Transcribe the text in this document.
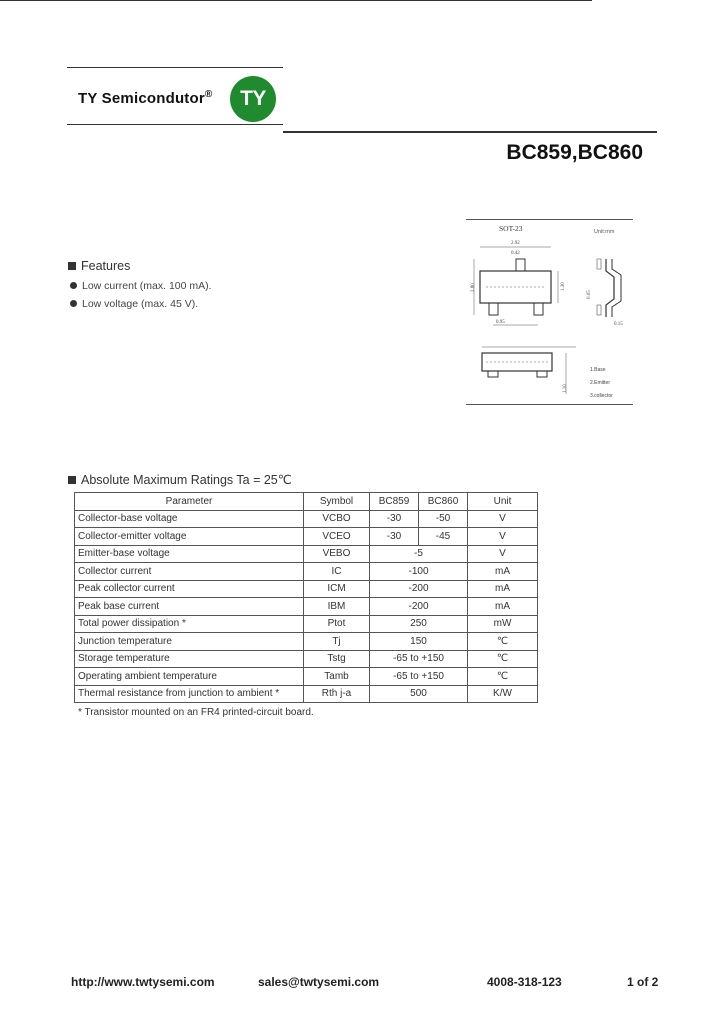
TY Semicondutor® TY
BC859,BC860
Features
Low current (max. 100 mA).
Low voltage (max. 45 V).
SOT-23	Unit:mm
2.92
0.42
2.80	1.30
0.95	0.15
0.05
1.10
1.Base
2.Emitter
3.collector
Absolute Maximum Ratings Ta = 25℃
Parameter	Symbol	BC859	BC860	Unit
Collector-base voltage	VCBO	-30	-50	V
Collector-emitter voltage	VCEO	-30	-45	V
Emitter-base voltage	VEBO	-5		V
Collector current	IC	-100		mA
Peak collector current	ICM	-200		mA
Peak base current	IBM	-200		mA
Total power dissipation *	Ptot	250		mW
Junction temperature	Tj	150		℃
Storage temperature	Tstg	-65 to +150		℃
Operating ambient temperature	Tamb	-65 to +150		℃
Thermal resistance from junction to ambient *	Rth j-a	500		K/W
* Transistor mounted on an FR4 printed-circuit board.
http://www.twtysemi.com	sales@twtysemi.com	4008-318-123	1 of 2
